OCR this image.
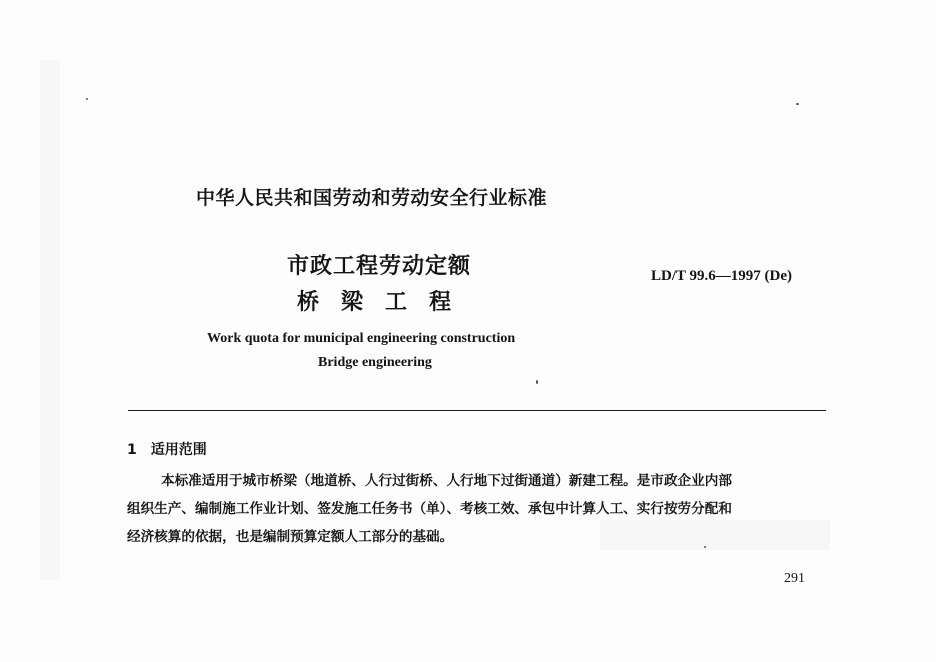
中华人民共和国劳动和劳动安全行业标准
市政工程劳动定额
桥梁工程
LD/T 99.6—1997 (De)
Work quota for municipal engineering construction
Bridge engineering
1 适用范围
本标准适用于城市桥梁（地道桥、人行过街桥、人行地下过街通道）新建工程。是市政企业内部
组织生产、编制施工作业计划、签发施工任务书（单）、考核工效、承包中计算人工、实行按劳分配和
经济核算的依据，也是编制预算定额人工部分的基础。
291
